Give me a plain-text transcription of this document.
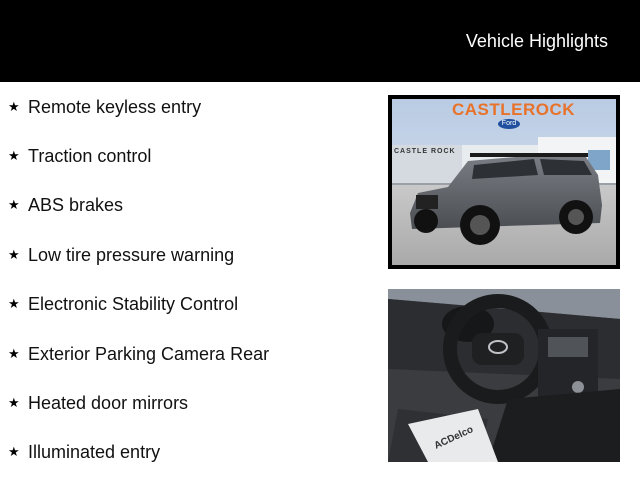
Vehicle Highlights
★ Remote keyless entry
★ Traction control
★ ABS brakes
★ Low tire pressure warning
★ Electronic Stability Control
★ Exterior Parking Camera Rear
★ Heated door mirrors
★ Illuminated entry
CASTLEROCK
Ford
CASTLE ROCK
ACDelco
